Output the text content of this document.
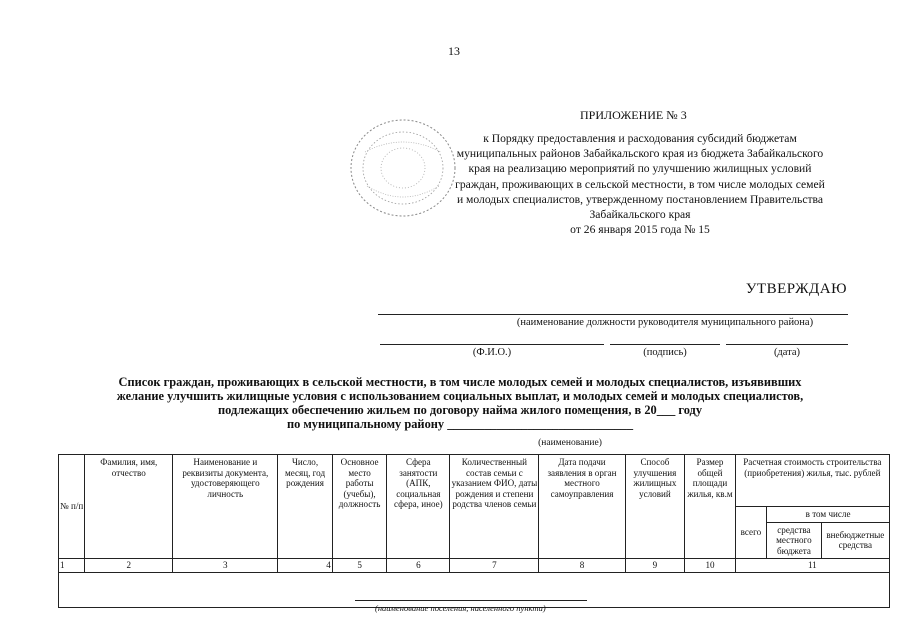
13
ПРИЛОЖЕНИЕ № 3
к Порядку предоставления и расходования субсидий бюджетам
муниципальных районов Забайкальского края из бюджета Забайкальского
края на реализацию мероприятий по улучшению жилищных условий
граждан, проживающих в сельской местности, в том числе молодых семей
и молодых специалистов, утвержденному постановлением Правительства
Забайкальского края
от 26 января 2015 года № 15
УТВЕРЖДАЮ
(наименование должности руководителя муниципального района)
(Ф.И.О.)	(подпись)	(дата)
Список граждан, проживающих в сельской местности, в том числе молодых семей и молодых специалистов, изъявивших
желание улучшить жилищные условия с использованием социальных выплат, и молодых семей и молодых специалистов,
подлежащих обеспечению жильем по договору найма жилого помещения, в 20___ году
по муниципальному району ______________________________
(наименование)
№ п/п	Фамилия, имя, отчество	Наименование и реквизиты документа, удостоверяющего личность	Число, месяц, год рождения	Основное место работы (учебы), должность	Сфера занятости (АПК, социальная сфера, иное)	Количественный состав семьи с указанием ФИО, даты рождения и степени родства членов семьи	Дата подачи заявления в орган местного самоуправления	Способ улучшения жилищных условий	Размер общей площади жилья, кв.м	Расчетная стоимость строительства (приобретения) жилья, тыс. рублей		
										всего	в том числе	
											средства местного бюджета	внебюджетные средства
1	2	3	4	5	6	7	8	9	10	11		

(наименование поселения, населенного пункта)
